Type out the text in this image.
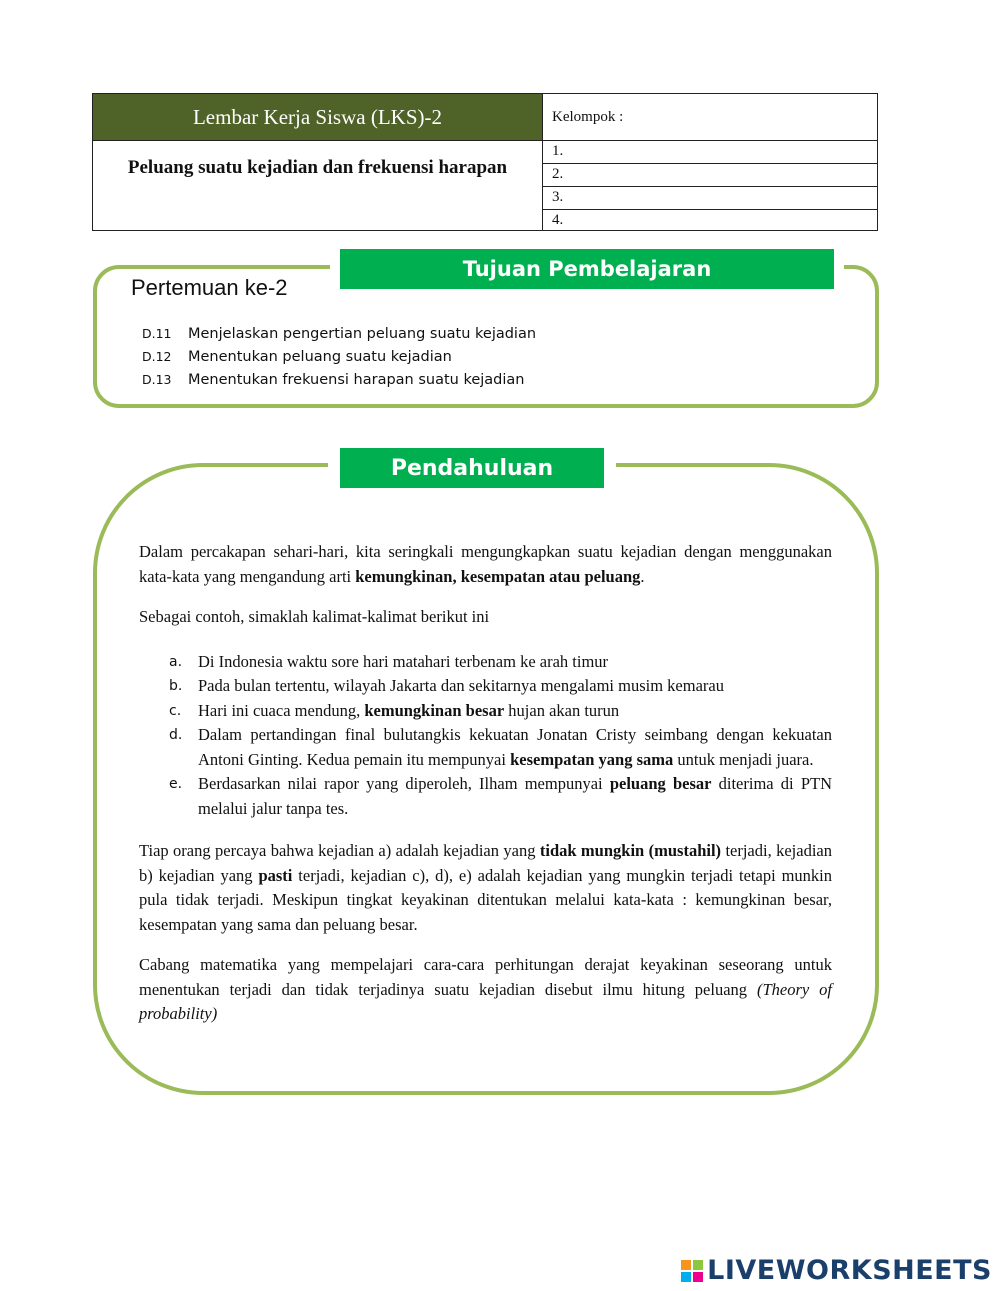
Lembar Kerja Siswa (LKS)-2
Peluang suatu kejadian dan frekuensi harapan
Kelompok :
1.
2.
3.
4.
Tujuan Pembelajaran
Pertemuan ke-2
D.11	Menjelaskan pengertian peluang suatu kejadian
D.12	Menentukan peluang suatu kejadian
D.13	Menentukan frekuensi harapan suatu kejadian
Pendahuluan

Dalam percakapan sehari-hari, kita seringkali mengungkapkan suatu kejadian dengan menggunakan kata-kata yang mengandung arti kemungkinan, kesempatan atau peluang.

Sebagai contoh, simaklah kalimat-kalimat berikut ini

a. Di Indonesia waktu sore hari matahari terbenam ke arah timur
b. Pada bulan tertentu, wilayah Jakarta dan sekitarnya mengalami musim kemarau
c.	Hari ini cuaca mendung, kemungkinan besar hujan akan turun
d. Dalam pertandingan final bulutangkis kekuatan Jonatan Cristy seimbang dengan kekuatan Antoni Ginting. Kedua pemain itu mempunyai kesempatan yang sama untuk menjadi juara.
e. Berdasarkan nilai rapor yang diperoleh, Ilham mempunyai peluang besar diterima di PTN melalui jalur tanpa tes.

Tiap orang percaya bahwa kejadian a) adalah kejadian yang tidak mungkin (mustahil) terjadi, kejadian b) kejadian yang pasti terjadi, kejadian c), d), e) adalah kejadian yang mungkin terjadi tetapi munkin pula tidak terjadi. Meskipun tingkat keyakinan ditentukan melalui kata-kata : kemungkinan besar, kesempatan yang sama dan peluang besar.

Cabang matematika yang mempelajari cara-cara perhitungan derajat keyakinan seseorang untuk menentukan terjadi dan tidak terjadinya suatu kejadian disebut ilmu hitung peluang (Theory of probability)

LIVEWORKSHEETS
